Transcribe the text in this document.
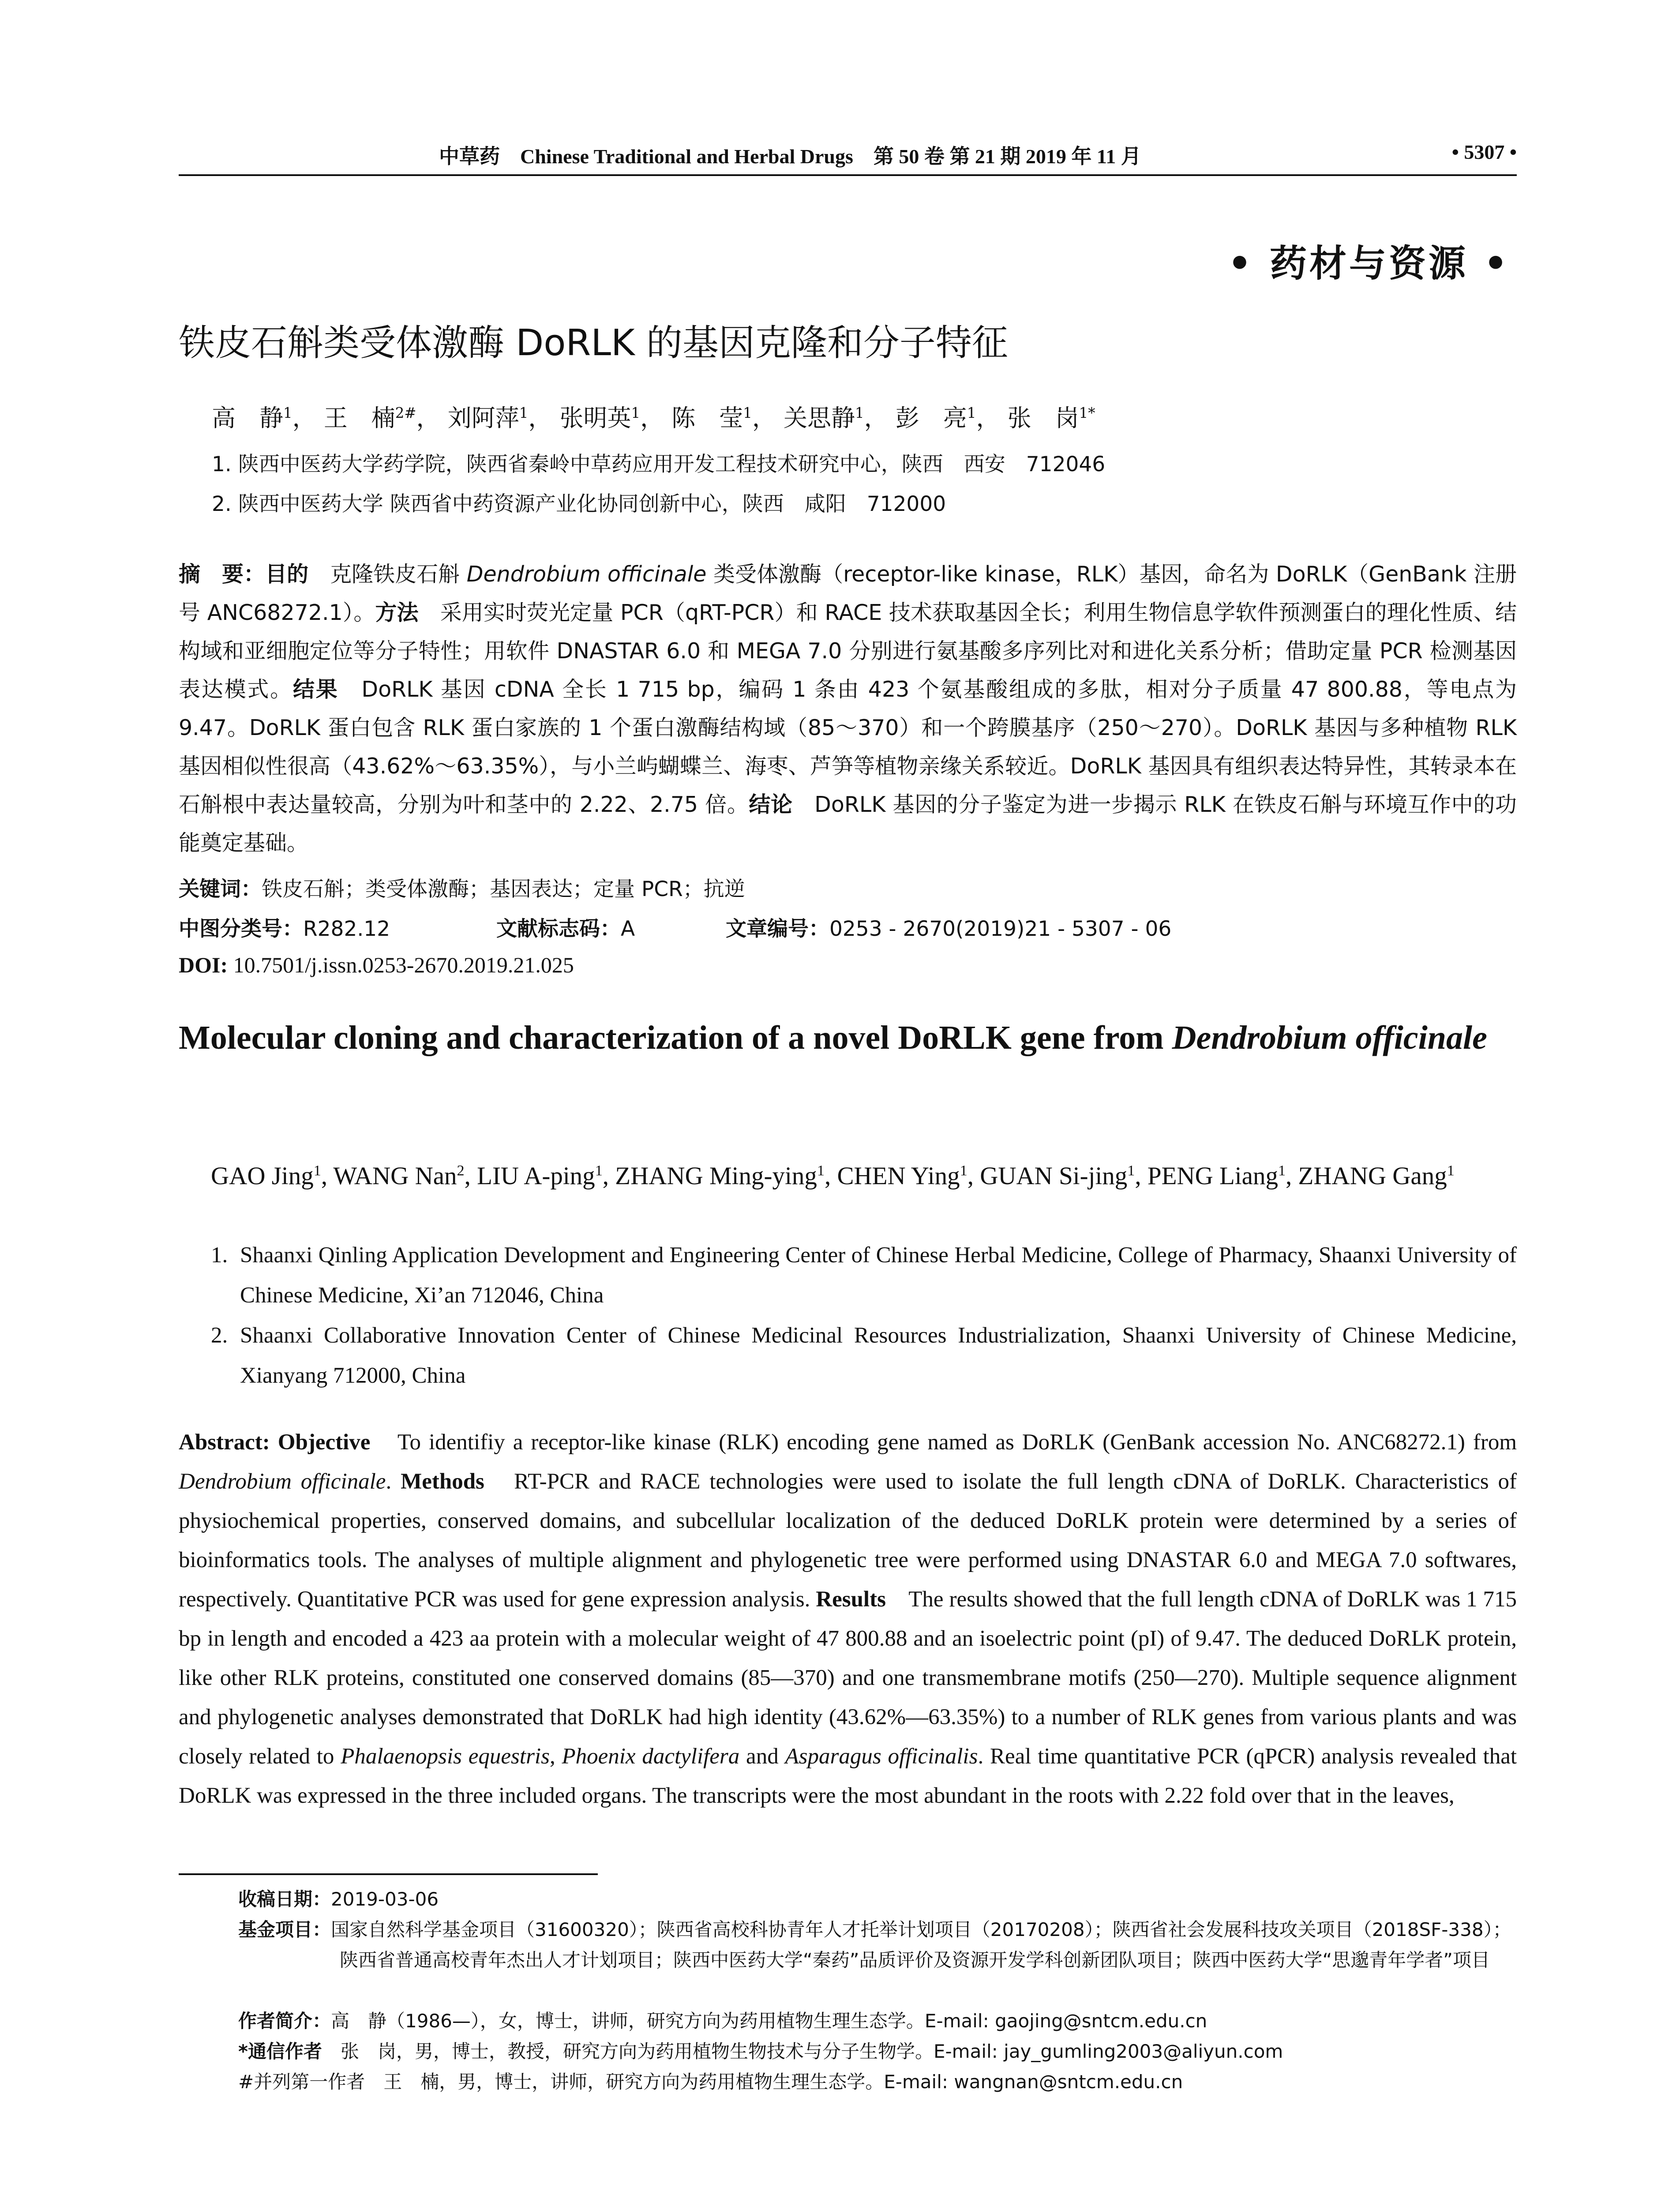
中草药　Chinese Traditional and Herbal Drugs　第 50 卷 第 21 期 2019 年 11 月	• 5307 •
• 药材与资源 •
铁皮石斛类受体激酶 DoRLK 的基因克隆和分子特征
高　静$^1$， 王　楠$^{2\#}$， 刘阿萍$^1$， 张明英$^1$， 陈　莹$^1$， 关思静$^1$， 彭　亮$^1$， 张　岗$^{1*}$
1. 陕西中医药大学药学院，陕西省秦岭中草药应用开发工程技术研究中心，陕西　西安　712046
2. 陕西中医药大学 陕西省中药资源产业化协同创新中心，陕西　咸阳　712000
摘　要：目的　克隆铁皮石斛 Dendrobium officinale 类受体激酶（receptor-like kinase，RLK）基因，命名为 DoRLK（GenBank 注册号 ANC68272.1）。方法　采用实时荧光定量 PCR（qRT-PCR）和 RACE 技术获取基因全长；利用生物信息学软件预测蛋白的理化性质、结构域和亚细胞定位等分子特性；用软件 DNASTAR 6.0 和 MEGA 7.0 分别进行氨基酸多序列比对和进化关系分析；借助定量 PCR 检测基因表达模式。结果　DoRLK 基因 cDNA 全长 1 715 bp，编码 1 条由 423 个氨基酸组成的多肽，相对分子质量 47 800.88，等电点为 9.47。DoRLK 蛋白包含 RLK 蛋白家族的 1 个蛋白激酶结构域（85～370）和一个跨膜基序（250～270）。DoRLK 基因与多种植物 RLK 基因相似性很高（43.62%～63.35%），与小兰屿蝴蝶兰、海枣、芦笋等植物亲缘关系较近。DoRLK 基因具有组织表达特异性，其转录本在石斛根中表达量较高，分别为叶和茎中的 2.22、2.75 倍。结论　DoRLK 基因的分子鉴定为进一步揭示 RLK 在铁皮石斛与环境互作中的功能奠定基础。
关键词：铁皮石斛；类受体激酶；基因表达；定量 PCR；抗逆
中图分类号：R282.12	文献标志码：A	文章编号：0253 - 2670(2019)21 - 5307 - 06
DOI: 10.7501/j.issn.0253-2670.2019.21.025
Molecular cloning and characterization of a novel DoRLK gene from Dendrobium officinale
GAO Jing$^1$, WANG Nan$^2$, LIU A-ping$^1$, ZHANG Ming-ying$^1$, CHEN Ying$^1$, GUAN Si-jing$^1$, PENG Liang$^1$, ZHANG Gang$^1$
1. Shaanxi Qinling Application Development and Engineering Center of Chinese Herbal Medicine, College of Pharmacy, Shaanxi University of Chinese Medicine, Xi’an 712046, China
2. Shaanxi Collaborative Innovation Center of Chinese Medicinal Resources Industrialization, Shaanxi University of Chinese Medicine, Xianyang 712000, China
Abstract: Objective　To identifiy a receptor-like kinase (RLK) encoding gene named as DoRLK (GenBank accession No. ANC68272.1) from Dendrobium officinale. Methods　RT-PCR and RACE technologies were used to isolate the full length cDNA of DoRLK. Characteristics of physiochemical properties, conserved domains, and subcellular localization of the deduced DoRLK protein were determined by a series of bioinformatics tools. The analyses of multiple alignment and phylogenetic tree were performed using DNASTAR 6.0 and MEGA 7.0 softwares, respectively. Quantitative PCR was used for gene expression analysis. Results　The results showed that the full length cDNA of DoRLK was 1 715 bp in length and encoded a 423 aa protein with a molecular weight of 47 800.88 and an isoelectric point (pI) of 9.47. The deduced DoRLK protein, like other RLK proteins, constituted one conserved domains (85—370) and one transmembrane motifs (250—270). Multiple sequence alignment and phylogenetic analyses demonstrated that DoRLK had high identity (43.62%—63.35%) to a number of RLK genes from various plants and was closely related to Phalaenopsis equestris, Phoenix dactylifera and Asparagus officinalis. Real time quantitative PCR (qPCR) analysis revealed that DoRLK was expressed in the three included organs. The transcripts were the most abundant in the roots with 2.22 fold over that in the leaves,
收稿日期：2019-03-06
基金项目：国家自然科学基金项目（31600320）；陕西省高校科协青年人才托举计划项目（20170208）；陕西省社会发展科技攻关项目（2018SF-338）；陕西省普通高校青年杰出人才计划项目；陕西中医药大学“秦药”品质评价及资源开发学科创新团队项目；陕西中医药大学“思邈青年学者”项目
作者简介：高　静（1986—），女，博士，讲师，研究方向为药用植物生理生态学。E-mail: gaojing@sntcm.edu.cn
*通信作者　张　岗，男，博士，教授，研究方向为药用植物生物技术与分子生物学。E-mail: jay_gumling2003@aliyun.com
#并列第一作者　王　楠，男，博士，讲师，研究方向为药用植物生理生态学。E-mail: wangnan@sntcm.edu.cn
